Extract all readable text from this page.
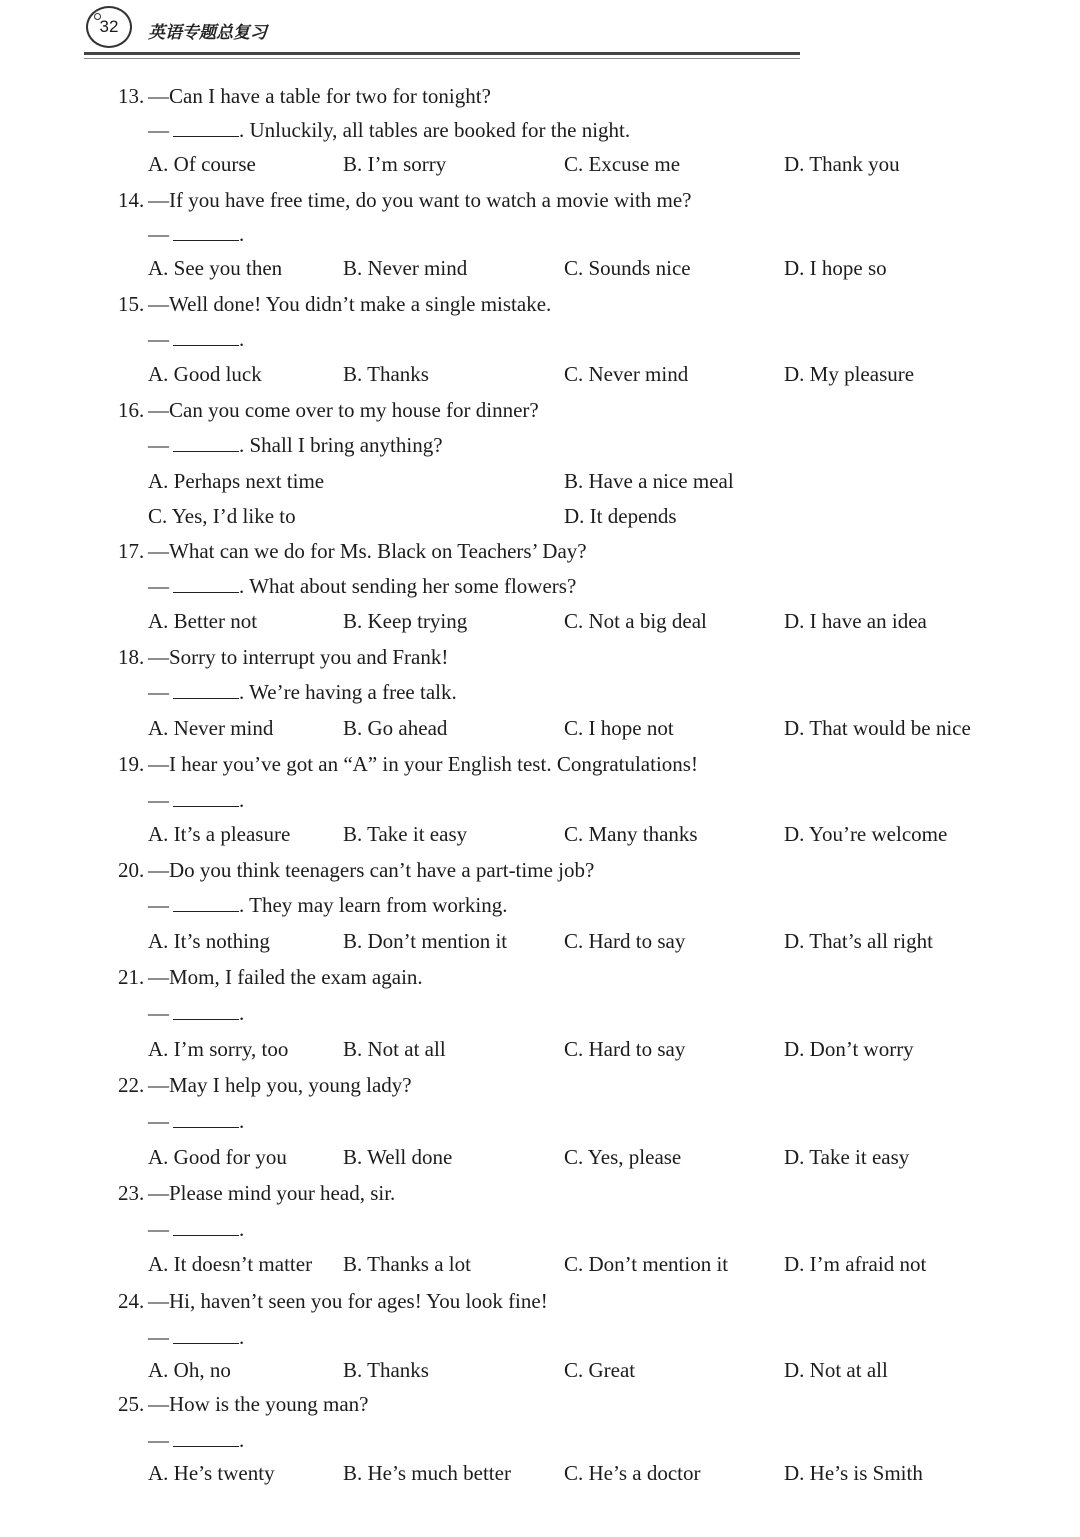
32 英语专题总复习
13. —Can I have a table for two for tonight?
—	. Unluckily, all tables are booked for the night.
A. Of course	B. I’m sorry	C. Excuse me	D. Thank you
14. —If you have free time, do you want to watch a movie with me?
—	.
A. See you then	B. Never mind	C. Sounds nice	D. I hope so
15. —Well done! You didn’t make a single mistake.
—	.
A. Good luck	B. Thanks	C. Never mind	D. My pleasure
16. —Can you come over to my house for dinner?
—	. Shall I bring anything?
A. Perhaps next time	B. Have a nice meal
C. Yes, I’d like to	D. It depends
17. —What can we do for Ms. Black on Teachers’ Day?
—	. What about sending her some flowers?
A. Better not	B. Keep trying	C. Not a big deal	D. I have an idea
18. —Sorry to interrupt you and Frank!
—	. We’re having a free talk.
A. Never mind	B. Go ahead	C. I hope not	D. That would be nice
19. —I hear you’ve got an “A” in your English test. Congratulations!
—	.
A. It’s a pleasure	B. Take it easy	C. Many thanks	D. You’re welcome
20. —Do you think teenagers can’t have a part-time job?
—	. They may learn from working.
A. It’s nothing	B. Don’t mention it	C. Hard to say	D. That’s all right
21. —Mom, I failed the exam again.
—	.
A. I’m sorry, too	B. Not at all	C. Hard to say	D. Don’t worry
22. —May I help you, young lady?
—	.
A. Good for you	B. Well done	C. Yes, please	D. Take it easy
23. —Please mind your head, sir.
—	.
A. It doesn’t matter B. Thanks a lot	C. Don’t mention it	D. I’m afraid not
24. —Hi, haven’t seen you for ages! You look fine!
—	.
A. Oh, no	B. Thanks	C. Great	D. Not at all
25. —How is the young man?
—	.
A. He’s twenty	B. He’s much better	C. He’s a doctor	D. He’s is Smith
